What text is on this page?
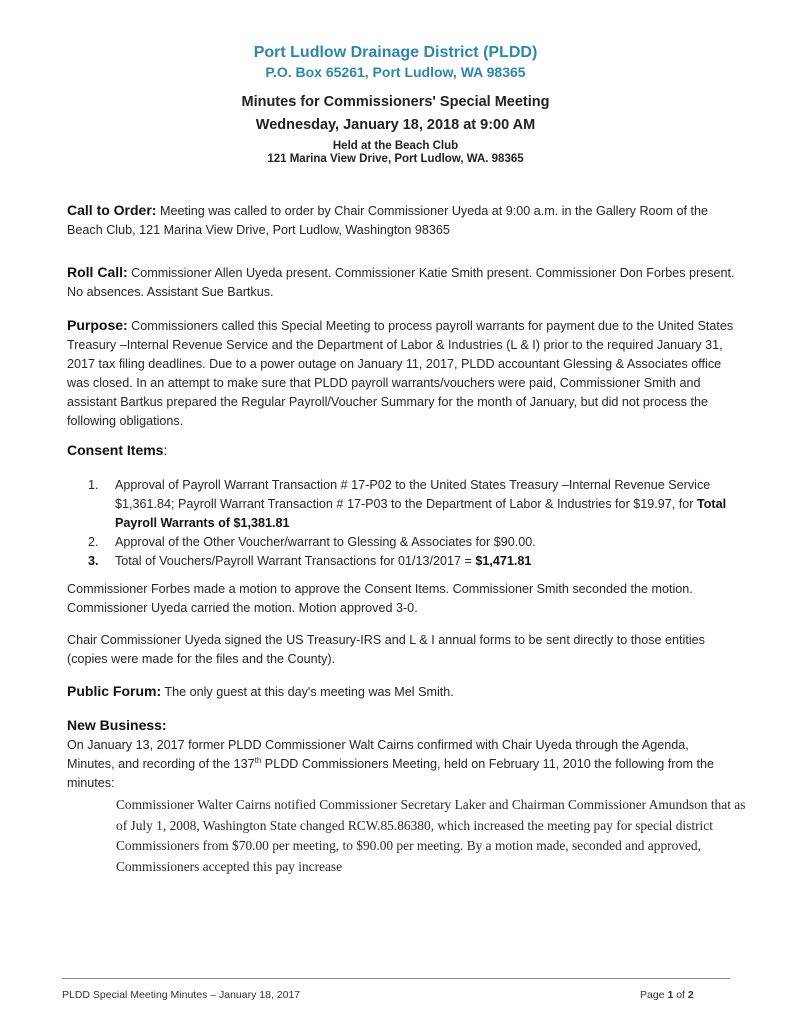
Port Ludlow Drainage District (PLDD)
P.O. Box 65261, Port Ludlow, WA 98365
Minutes for Commissioners' Special Meeting
Wednesday, January 18, 2018 at 9:00 AM
Held at the Beach Club
121 Marina View Drive, Port Ludlow, WA. 98365
Call to Order: Meeting was called to order by Chair Commissioner Uyeda at 9:00 a.m. in the Gallery Room of the Beach Club, 121 Marina View Drive, Port Ludlow, Washington 98365
Roll Call: Commissioner Allen Uyeda present. Commissioner Katie Smith present. Commissioner Don Forbes present. No absences. Assistant Sue Bartkus.
Purpose: Commissioners called this Special Meeting to process payroll warrants for payment due to the United States Treasury –Internal Revenue Service and the Department of Labor & Industries (L & I) prior to the required January 31, 2017 tax filing deadlines. Due to a power outage on January 11, 2017, PLDD accountant Glessing & Associates office was closed. In an attempt to make sure that PLDD payroll warrants/vouchers were paid, Commissioner Smith and assistant Bartkus prepared the Regular Payroll/Voucher Summary for the month of January, but did not process the following obligations.
Consent Items:
1. Approval of Payroll Warrant Transaction # 17-P02 to the United States Treasury –Internal Revenue Service $1,361.84; Payroll Warrant Transaction # 17-P03 to the Department of Labor & Industries for $19.97, for Total Payroll Warrants of $1,381.81
2. Approval of the Other Voucher/warrant to Glessing & Associates for $90.00.
3. Total of Vouchers/Payroll Warrant Transactions for 01/13/2017 = $1,471.81
Commissioner Forbes made a motion to approve the Consent Items. Commissioner Smith seconded the motion. Commissioner Uyeda carried the motion. Motion approved 3-0.
Chair Commissioner Uyeda signed the US Treasury-IRS and L & I annual forms to be sent directly to those entities (copies were made for the files and the County).
Public Forum: The only guest at this day's meeting was Mel Smith.
New Business:
On January 13, 2017 former PLDD Commissioner Walt Cairns confirmed with Chair Uyeda through the Agenda, Minutes, and recording of the 137th PLDD Commissioners Meeting, held on February 11, 2010 the following from the minutes:
Commissioner Walter Cairns notified Commissioner Secretary Laker and Chairman Commissioner Amundson that as of July 1, 2008, Washington State changed RCW.85.86380, which increased the meeting pay for special district Commissioners from $70.00 per meeting, to $90.00 per meeting. By a motion made, seconded and approved, Commissioners accepted this pay increase
PLDD Special Meeting Minutes – January 18, 2017	Page 1 of 2
